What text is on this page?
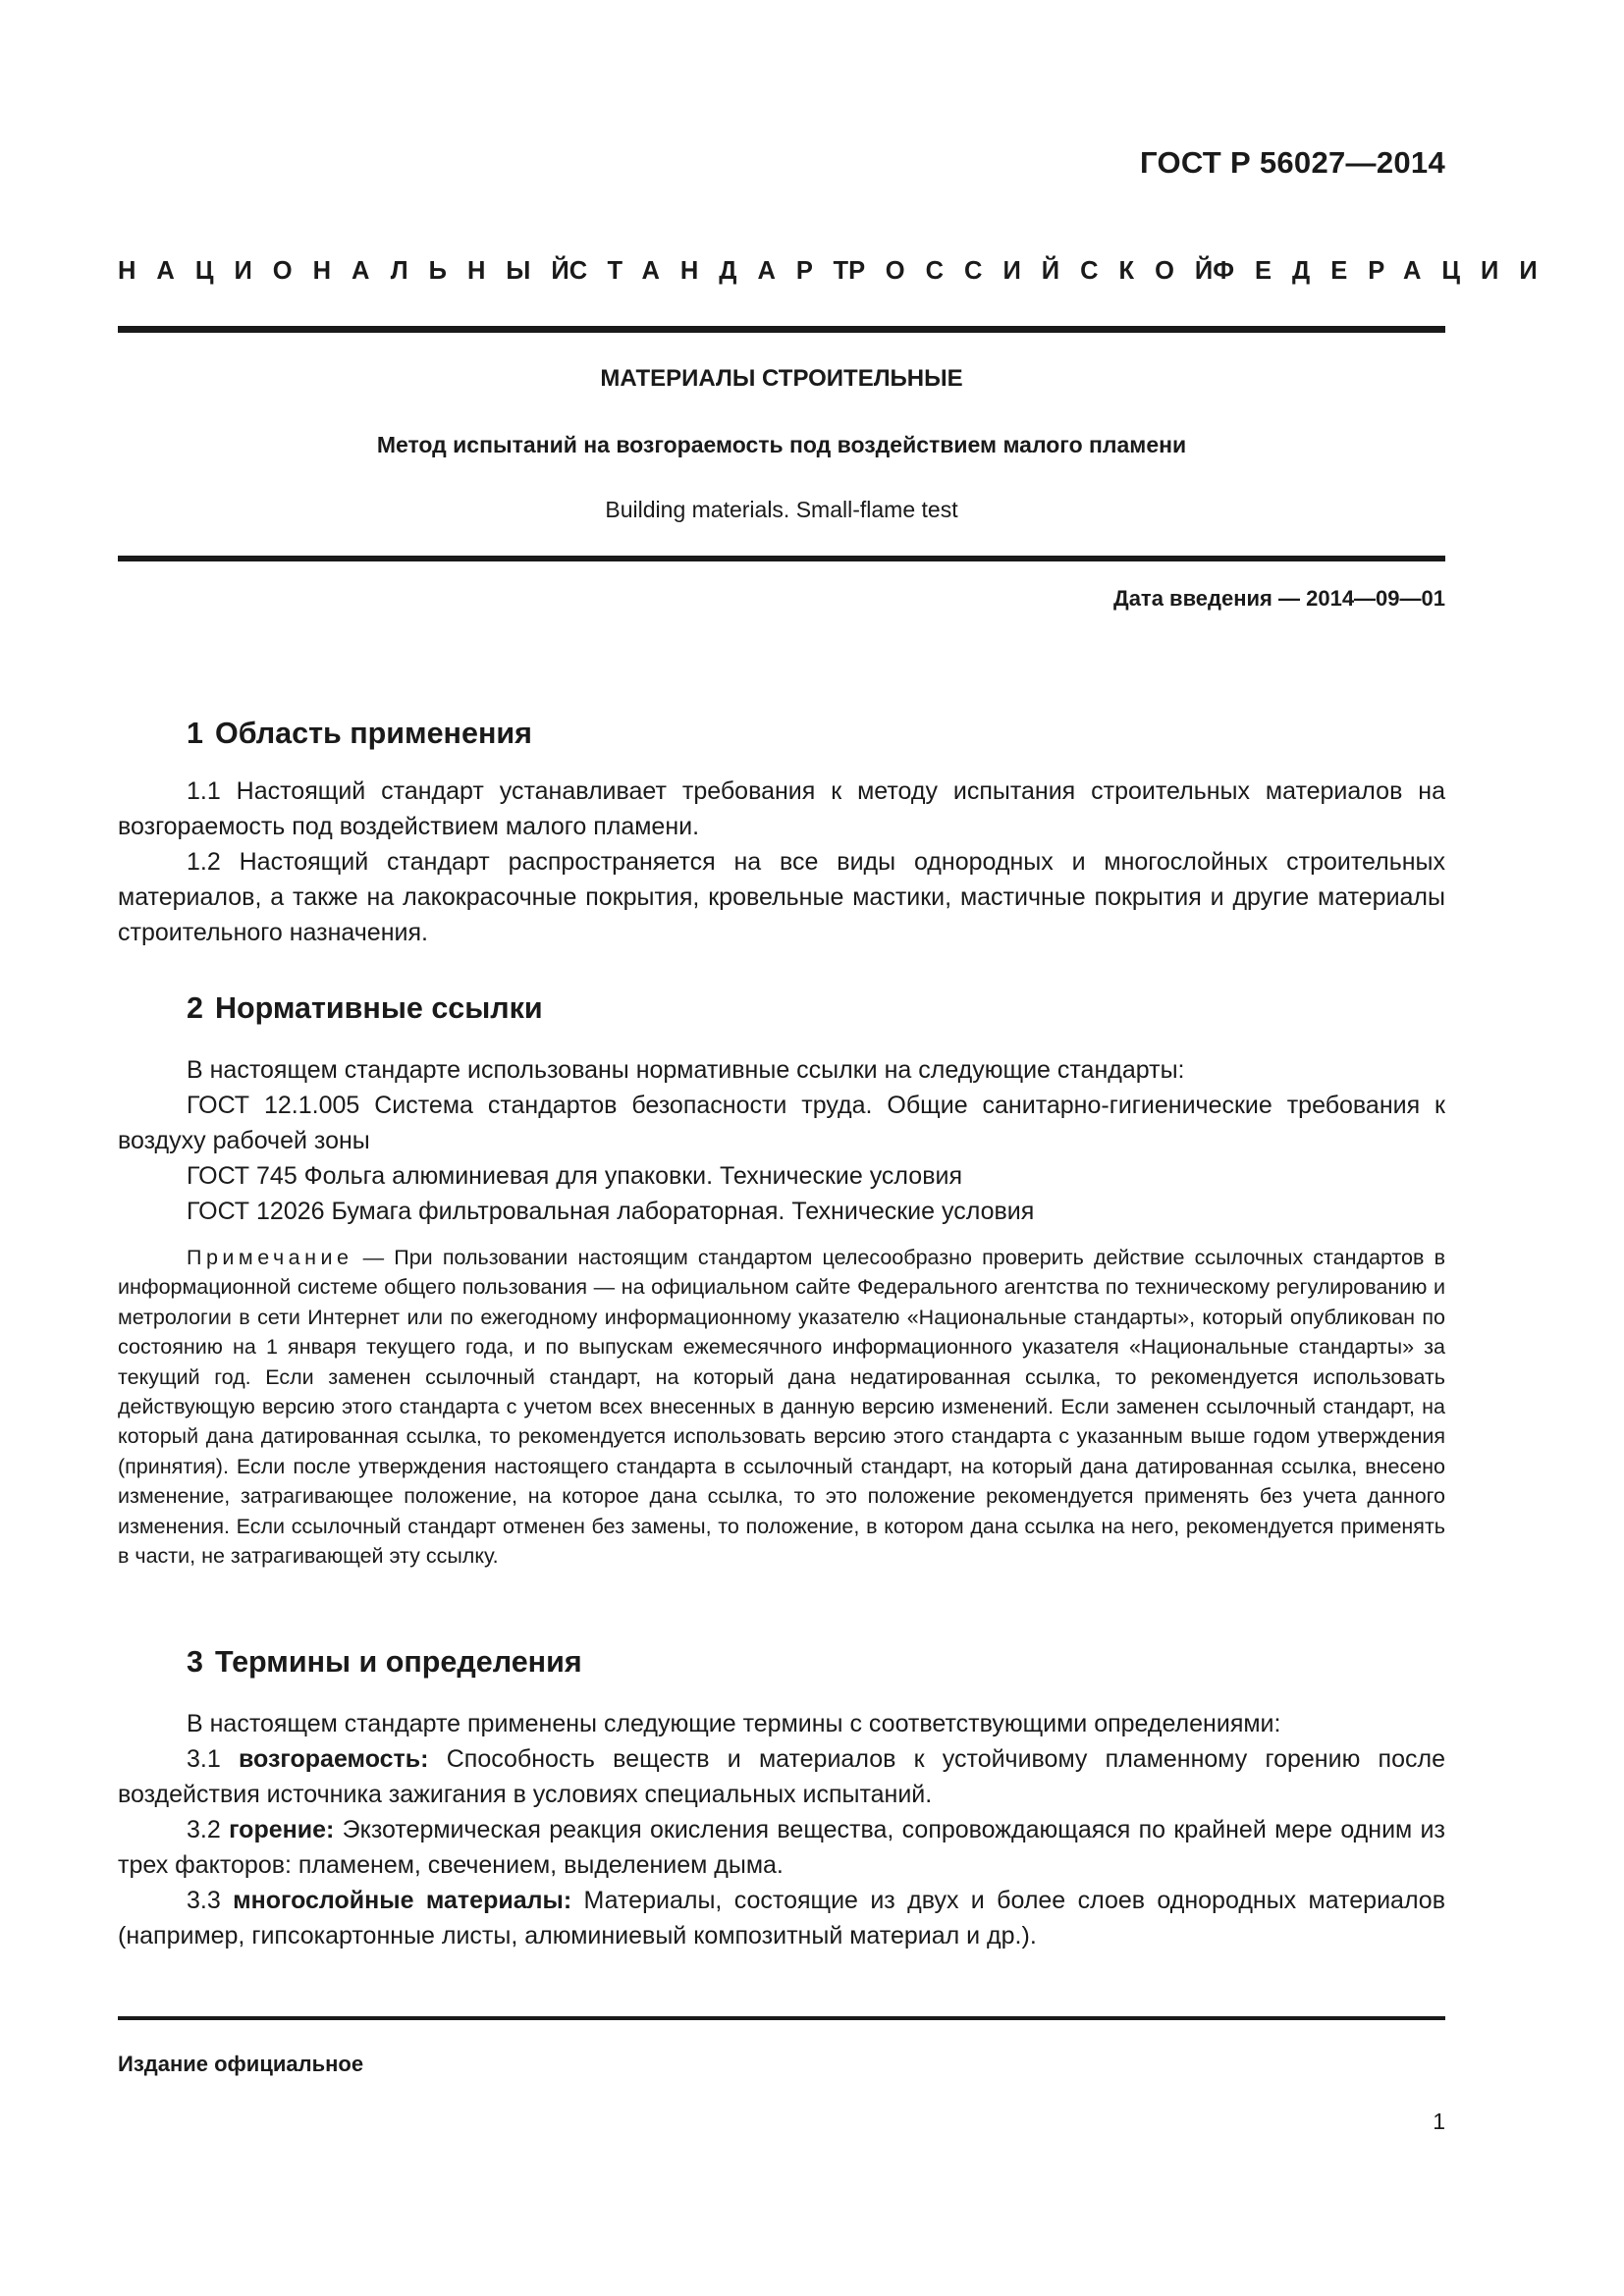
ГОСТ Р 56027—2014
НАЦИОНАЛЬНЫЙ
СТАНДАРТ
РОССИЙСКОЙ
ФЕДЕРАЦИИ
МАТЕРИАЛЫ СТРОИТЕЛЬНЫЕ
Метод испытаний на возгораемость под воздействием малого пламени
Building materials. Small-flame test
Дата введения — 2014—09—01
1 Область применения

1.1 Настоящий стандарт устанавливает требования к методу испытания строительных материалов на возгораемость под воздействием малого пламени.

1.2 Настоящий стандарт распространяется на все виды однородных и многослойных строительных материалов, а также на лакокрасочные покрытия, кровельные мастики, мастичные покрытия и другие материалы строительного назначения.

2 Нормативные ссылки

В настоящем стандарте использованы нормативные ссылки на следующие стандарты:

ГОСТ 12.1.005 Система стандартов безопасности труда. Общие санитарно-гигиенические требования к воздуху рабочей зоны

ГОСТ 745 Фольга алюминиевая для упаковки. Технические условия

ГОСТ 12026 Бумага фильтровальная лабораторная. Технические условия

Примечание — При пользовании настоящим стандартом целесообразно проверить действие ссылочных стандартов в информационной системе общего пользования — на официальном сайте Федерального агентства по техническому регулированию и метрологии в сети Интернет или по ежегодному информационному указателю «Национальные стандарты», который опубликован по состоянию на 1 января текущего года, и по выпускам ежемесячного информационного указателя «Национальные стандарты» за текущий год. Если заменен ссылочный стандарт, на который дана недатированная ссылка, то рекомендуется использовать действующую версию этого стандарта с учетом всех внесенных в данную версию изменений. Если заменен ссылочный стандарт, на который дана датированная ссылка, то рекомендуется использовать версию этого стандарта с указанным выше годом утверждения (принятия). Если после утверждения настоящего стандарта в ссылочный стандарт, на который дана датированная ссылка, внесено изменение, затрагивающее положение, на которое дана ссылка, то это положение рекомендуется применять без учета данного изменения. Если ссылочный стандарт отменен без замены, то положение, в котором дана ссылка на него, рекомендуется применять в части, не затрагивающей эту ссылку.

3 Термины и определения

В настоящем стандарте применены следующие термины с соответствующими определениями:

3.1 возгораемость: Способность веществ и материалов к устойчивому пламенному горению после воздействия источника зажигания в условиях специальных испытаний.

3.2 горение: Экзотермическая реакция окисления вещества, сопровождающаяся по крайней мере одним из трех факторов: пламенем, свечением, выделением дыма.

3.3 многослойные материалы: Материалы, состоящие из двух и более слоев однородных материалов (например, гипсокартонные листы, алюминиевый композитный материал и др.).

Издание официальное
1
